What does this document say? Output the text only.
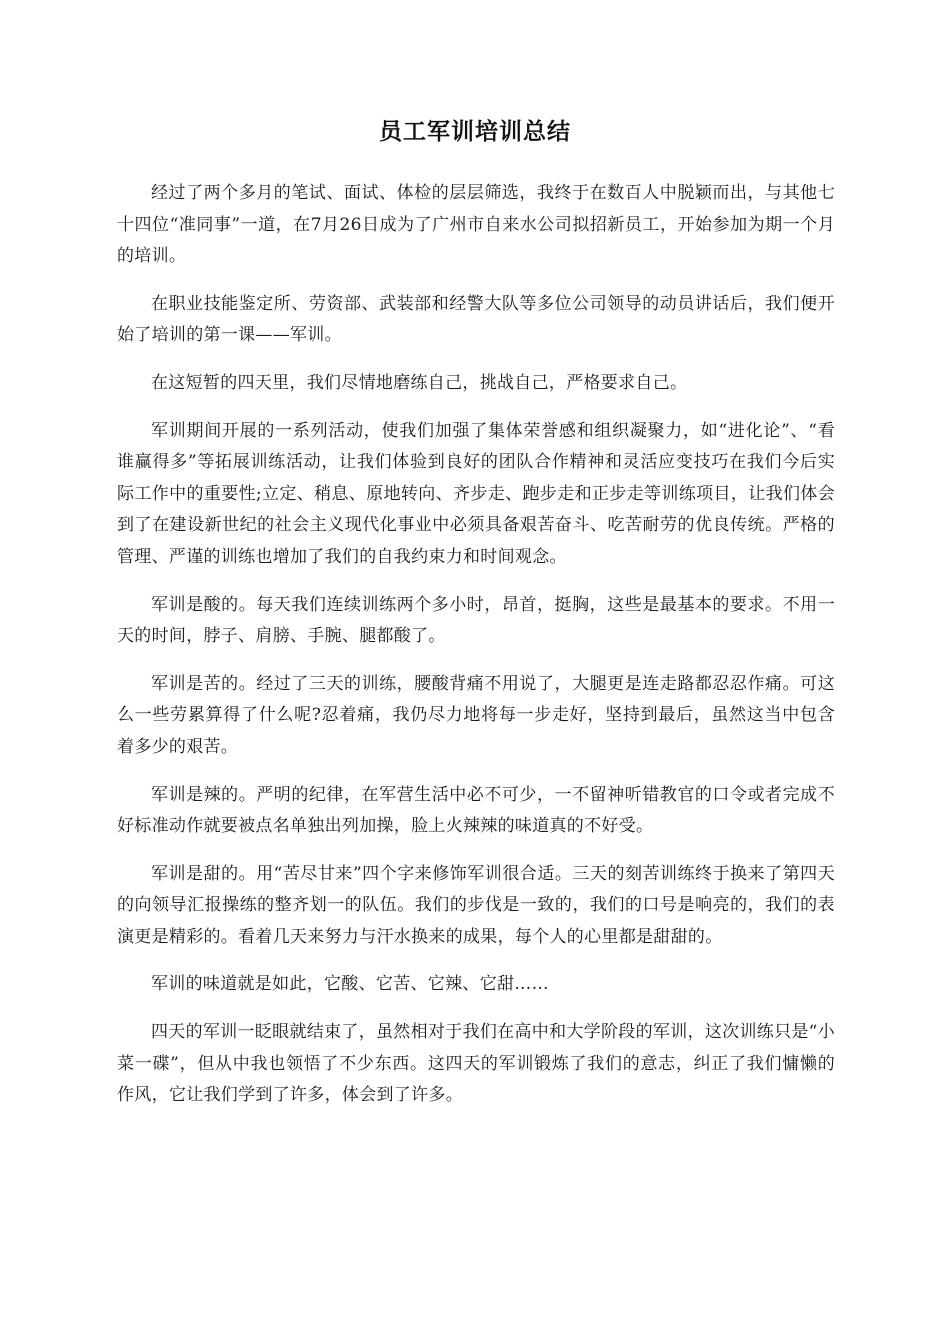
员工军训培训总结

经过了两个多月的笔试、面试、体检的层层筛选，我终于在数百人中脱颖而出，与其他七十四位“准同事”一道，在7月26日成为了广州市自来水公司拟招新员工，开始参加为期一个月的培训。

在职业技能鉴定所、劳资部、武装部和经警大队等多位公司领导的动员讲话后，我们便开始了培训的第一课——军训。

在这短暂的四天里，我们尽情地磨练自己，挑战自己，严格要求自己。

军训期间开展的一系列活动，使我们加强了集体荣誉感和组织凝聚力，如“进化论”、“看谁赢得多”等拓展训练活动，让我们体验到良好的团队合作精神和灵活应变技巧在我们今后实际工作中的重要性;立定、稍息、原地转向、齐步走、跑步走和正步走等训练项目，让我们体会到了在建设新世纪的社会主义现代化事业中必须具备艰苦奋斗、吃苦耐劳的优良传统。严格的管理、严谨的训练也增加了我们的自我约束力和时间观念。

军训是酸的。每天我们连续训练两个多小时，昂首，挺胸，这些是最基本的要求。不用一天的时间，脖子、肩膀、手腕、腿都酸了。

军训是苦的。经过了三天的训练，腰酸背痛不用说了，大腿更是连走路都忍忍作痛。可这么一些劳累算得了什么呢?忍着痛，我仍尽力地将每一步走好，坚持到最后，虽然这当中包含着多少的艰苦。

军训是辣的。严明的纪律，在军营生活中必不可少，一不留神听错教官的口令或者完成不好标准动作就要被点名单独出列加操，脸上火辣辣的味道真的不好受。

军训是甜的。用“苦尽甘来”四个字来修饰军训很合适。三天的刻苦训练终于换来了第四天的向领导汇报操练的整齐划一的队伍。我们的步伐是一致的，我们的口号是响亮的，我们的表演更是精彩的。看着几天来努力与汗水换来的成果，每个人的心里都是甜甜的。

军训的味道就是如此，它酸、它苦、它辣、它甜……

四天的军训一眨眼就结束了，虽然相对于我们在高中和大学阶段的军训，这次训练只是“小菜一碟”，但从中我也领悟了不少东西。这四天的军训锻炼了我们的意志，纠正了我们慵懒的作风，它让我们学到了许多，体会到了许多。
